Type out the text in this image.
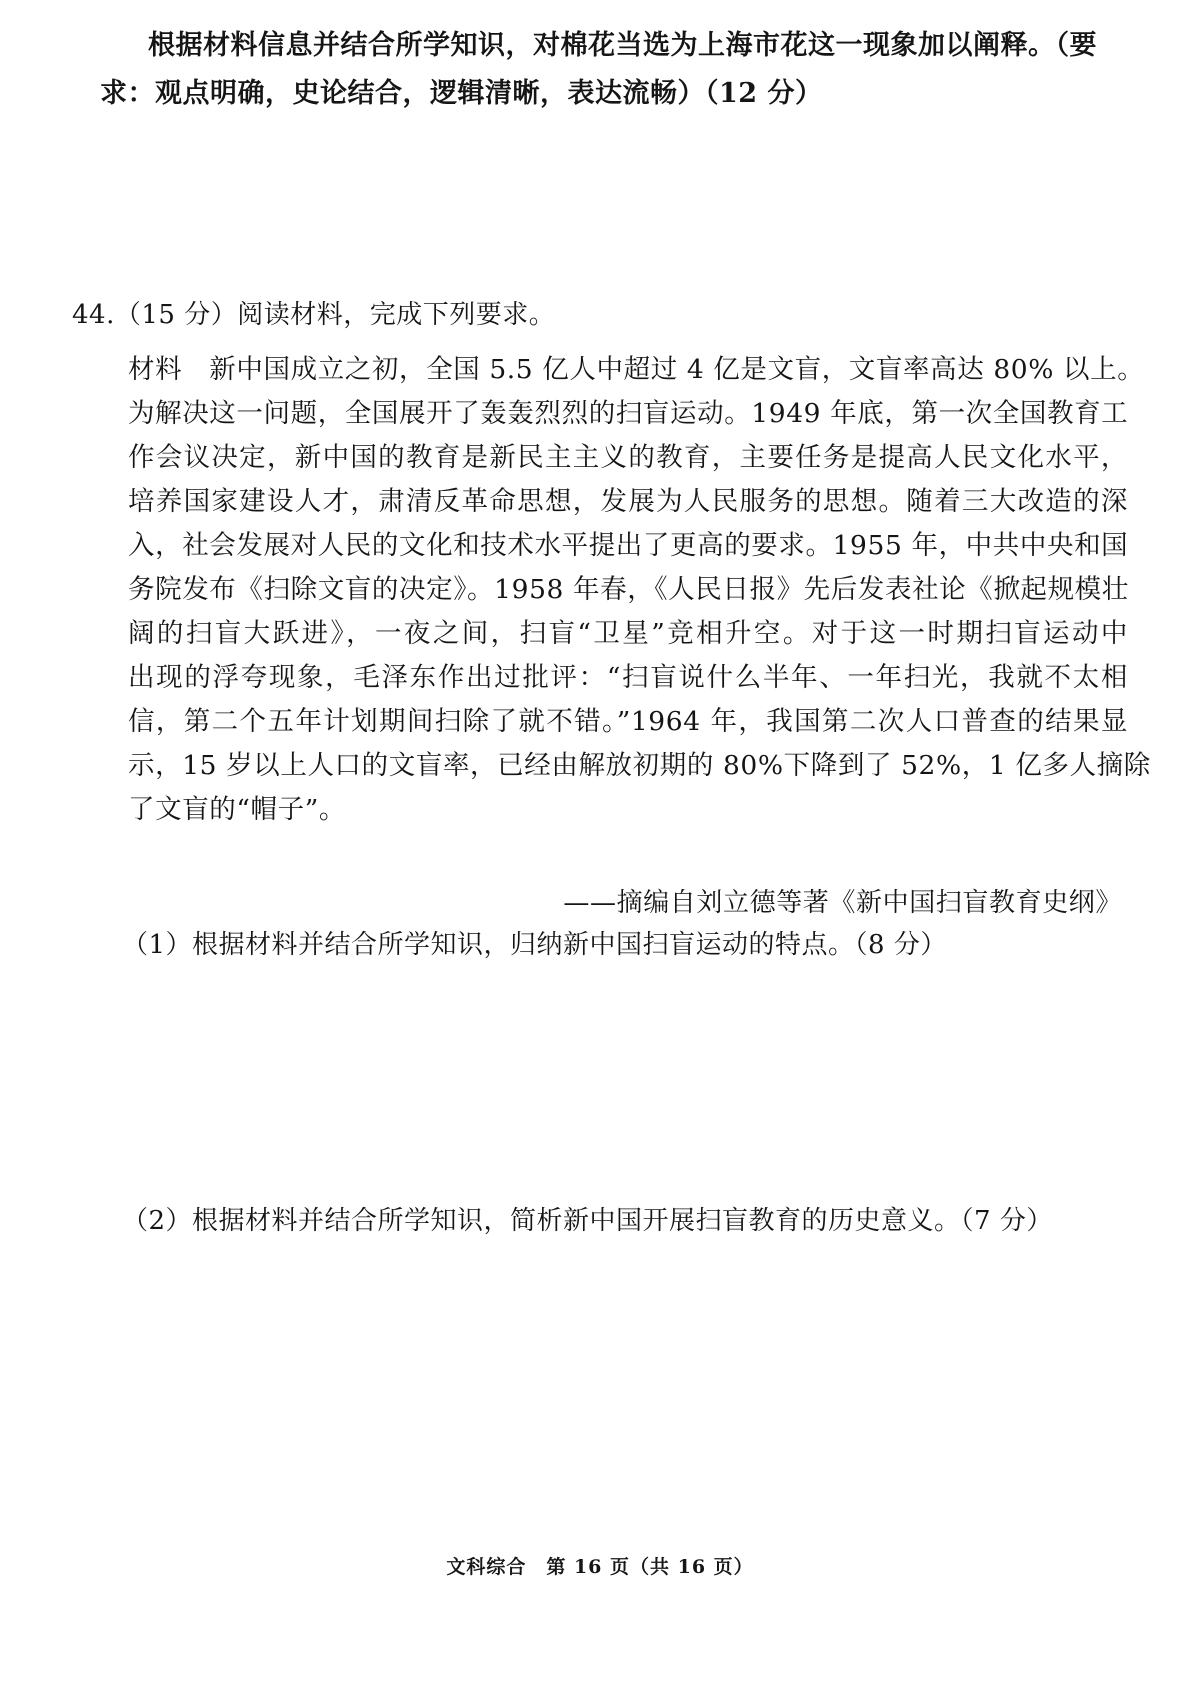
根据材料信息并结合所学知识，对棉花当选为上海市花这一现象加以阐释。（要
求：观点明确，史论结合，逻辑清晰，表达流畅）（12 分）
44.（15 分）阅读材料，完成下列要求。
材料　新中国成立之初，全国 5.5 亿人中超过 4 亿是文盲，文盲率高达 80% 以上。
为解决这一问题，全国展开了轰轰烈烈的扫盲运动。1949 年底，第一次全国教育工
作会议决定，新中国的教育是新民主主义的教育，主要任务是提高人民文化水平，
培养国家建设人才，肃清反革命思想，发展为人民服务的思想。随着三大改造的深
入，社会发展对人民的文化和技术水平提出了更高的要求。1955 年，中共中央和国
务院发布《扫除文盲的决定》。1958 年春，《人民日报》先后发表社论《掀起规模壮
阔的扫盲大跃进》，一夜之间，扫盲“卫星”竞相升空。对于这一时期扫盲运动中
出现的浮夸现象，毛泽东作出过批评：“扫盲说什么半年、一年扫光，我就不太相
信，第二个五年计划期间扫除了就不错。”1964 年，我国第二次人口普查的结果显
示，15 岁以上人口的文盲率，已经由解放初期的 80%下降到了 52%，1 亿多人摘除
了文盲的“帽子”。
——摘编自刘立德等著《新中国扫盲教育史纲》
（1）根据材料并结合所学知识，归纳新中国扫盲运动的特点。（8 分）
（2）根据材料并结合所学知识，简析新中国开展扫盲教育的历史意义。（7 分）
文科综合　第 16 页（共 16 页）
